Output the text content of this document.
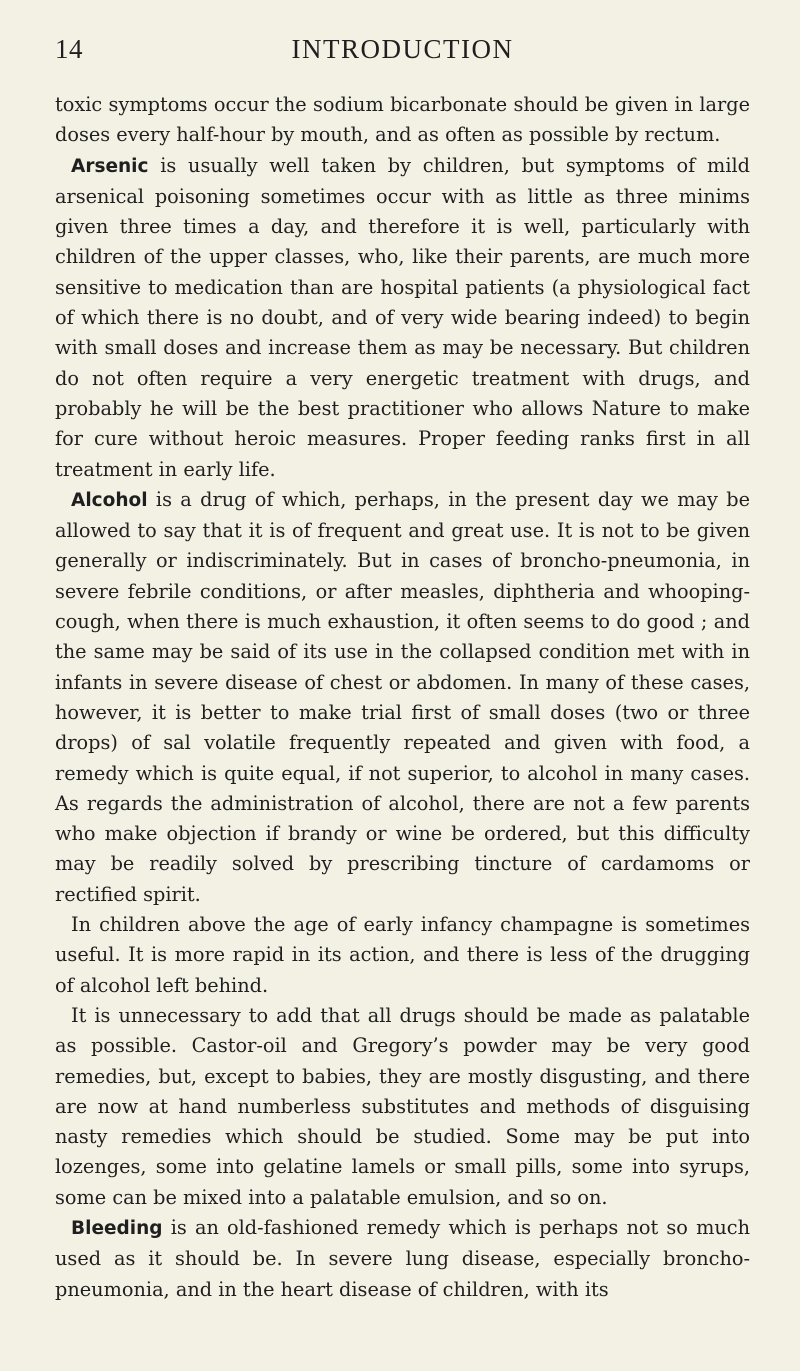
14	INTRODUCTION

toxic symptoms occur the sodium bicarbonate should be given in large doses every half-hour by mouth, and as often as possible by rectum.

Arsenic is usually well taken by children, but symptoms of mild arsenical poisoning sometimes occur with as little as three minims given three times a day, and therefore it is well, particularly with children of the upper classes, who, like their parents, are much more sensitive to medication than are hospital patients (a physiological fact of which there is no doubt, and of very wide bearing indeed) to begin with small doses and increase them as may be necessary. But children do not often require a very energetic treatment with drugs, and probably he will be the best practitioner who allows Nature to make for cure without heroic measures. Proper feeding ranks first in all treatment in early life.

Alcohol is a drug of which, perhaps, in the present day we may be allowed to say that it is of frequent and great use. It is not to be given generally or indiscriminately. But in cases of broncho-pneumonia, in severe febrile conditions, or after measles, diphtheria and whooping-cough, when there is much exhaustion, it often seems to do good ; and the same may be said of its use in the collapsed condition met with in infants in severe disease of chest or abdomen. In many of these cases, however, it is better to make trial first of small doses (two or three drops) of sal volatile frequently repeated and given with food, a remedy which is quite equal, if not superior, to alcohol in many cases. As regards the administration of alcohol, there are not a few parents who make objection if brandy or wine be ordered, but this difficulty may be readily solved by prescribing tincture of cardamoms or rectified spirit.

In children above the age of early infancy champagne is sometimes useful. It is more rapid in its action, and there is less of the drugging of alcohol left behind.

It is unnecessary to add that all drugs should be made as palatable as possible. Castor-oil and Gregory’s powder may be very good remedies, but, except to babies, they are mostly disgusting, and there are now at hand numberless substitutes and methods of disguising nasty remedies which should be studied. Some may be put into lozenges, some into gelatine lamels or small pills, some into syrups, some can be mixed into a palatable emulsion, and so on.

Bleeding is an old-fashioned remedy which is perhaps not so much used as it should be. In severe lung disease, especially broncho-pneumonia, and in the heart disease of children, with its
